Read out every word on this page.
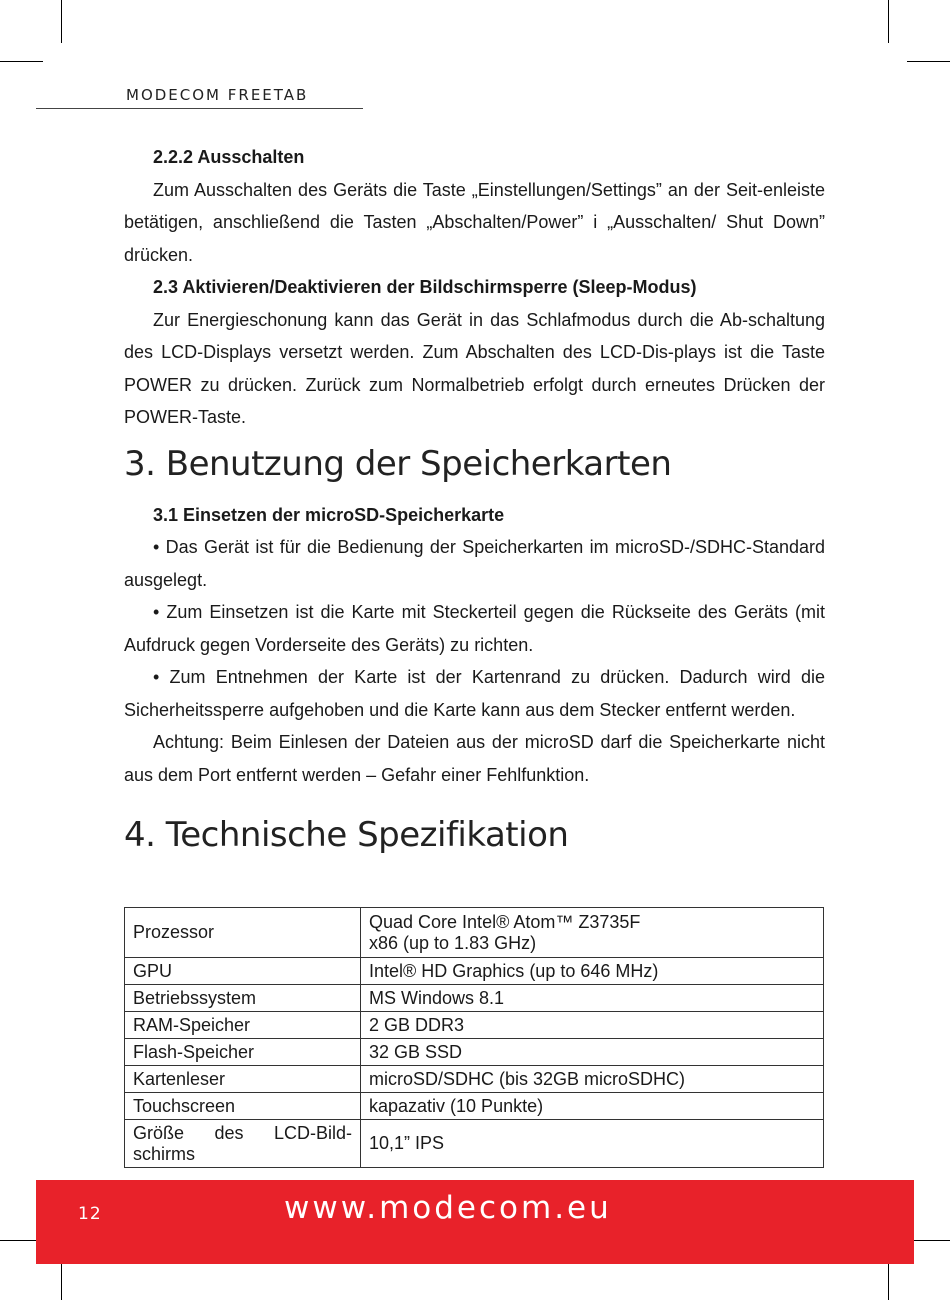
MODECOM FREETAB

2.2.2 Ausschalten

Zum Ausschalten des Geräts die Taste „Einstellungen/Settings” an der Seit-enleiste betätigen, anschließend die Tasten „Abschalten/Power” i „Ausschalten/ Shut Down” drücken.

2.3 Aktivieren/Deaktivieren der Bildschirmsperre (Sleep-Modus)

Zur Energieschonung kann das Gerät in das Schlafmodus durch die Ab-schaltung des LCD-Displays versetzt werden. Zum Abschalten des LCD-Dis-plays ist die Taste POWER zu drücken. Zurück zum Normalbetrieb erfolgt durch erneutes Drücken der POWER-Taste.

3. Benutzung der Speicherkarten

3.1 Einsetzen der microSD-Speicherkarte

• Das Gerät ist für die Bedienung der Speicherkarten im microSD-/SDHC-Standard ausgelegt.

• Zum Einsetzen ist die Karte mit Steckerteil gegen die Rückseite des Geräts (mit Aufdruck gegen Vorderseite des Geräts) zu richten.

• Zum Entnehmen der Karte ist der Kartenrand zu drücken. Dadurch wird die Sicherheitssperre aufgehoben und die Karte kann aus dem Stecker entfernt werden.

Achtung: Beim Einlesen der Dateien aus der microSD darf die Speicherkarte nicht aus dem Port entfernt werden – Gefahr einer Fehlfunktion.

4. Technische Spezifikation
Prozessor	Quad Core Intel® Atom™ Z3735F
x86 (up to 1.83 GHz)

GPU	Intel® HD Graphics (up to 646 MHz)
Betriebssystem	MS Windows 8.1
RAM-Speicher	2 GB DDR3
Flash-Speicher	32 GB SSD
Kartenleser	microSD/SDHC (bis 32GB microSDHC)
Touchscreen	kapazativ (10 Punkte)

Größe des LCD-Bild-
schirms	10,1” IPS
12	www.modecom.eu
